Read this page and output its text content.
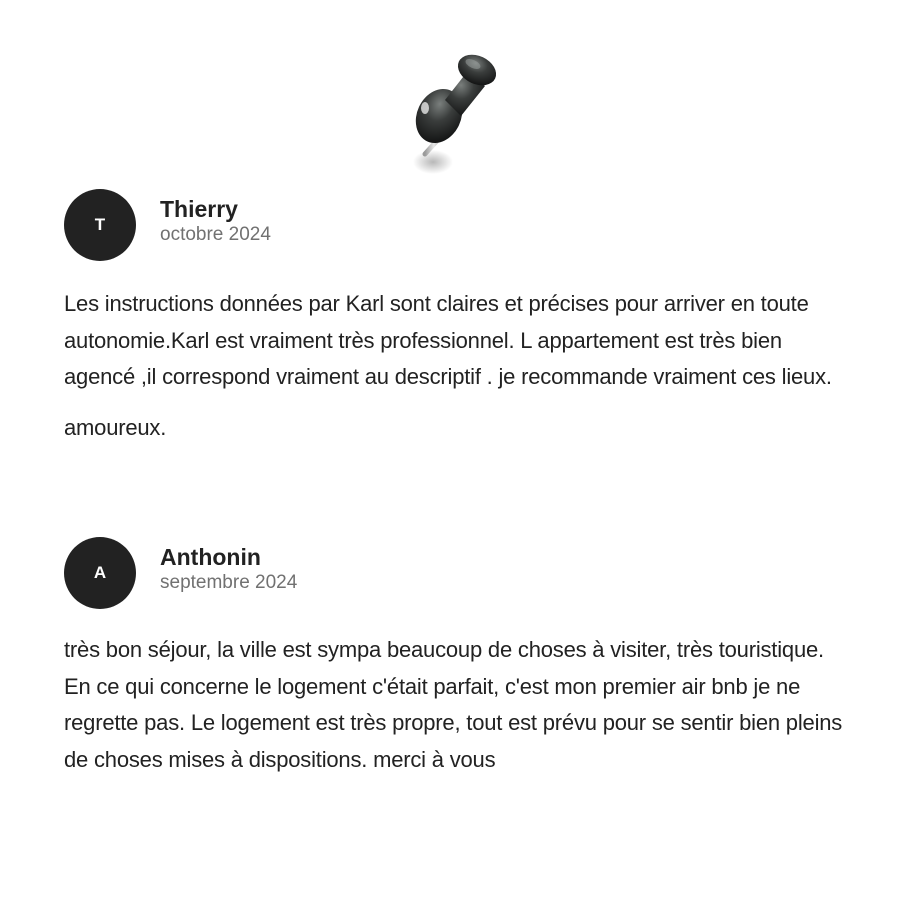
T
Thierry
octobre 2024

Les instructions données par Karl sont claires et précises pour arriver en toute autonomie.Karl est vraiment très professionnel. L appartement est très bien agencé ,il correspond vraiment au descriptif . je recommande vraiment ces lieux.

amoureux.

A
Anthonin
septembre 2024

très bon séjour, la ville est sympa beaucoup de choses à visiter, très touristique. En ce qui concerne le logement c'était parfait, c'est mon premier air bnb je ne regrette pas. Le logement est très propre, tout est prévu pour se sentir bien pleins de choses mises à dispositions. merci à vous
